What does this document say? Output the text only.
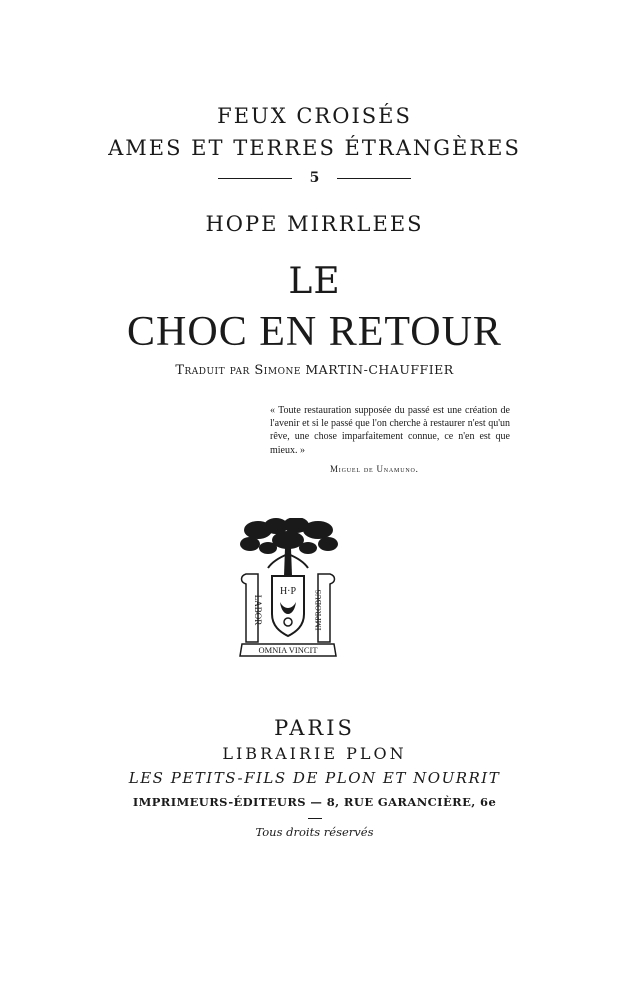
FEUX CROISÉS
AMES ET TERRES ÉTRANGÈRES
5
HOPE MIRRLEES
LE
CHOC EN RETOUR
Traduit par Simone MARTIN-CHAUFFIER
« Toute restauration supposée du passé est une création de l'avenir et si le passé que l'on cherche à restaurer n'est qu'un rêve, une chose imparfaitement connue, ce n'en est que mieux. »
Miguel de Unamuno.
H·P
LABOR	IMPROBUS
OMNIA VINCIT
PARIS
LIBRAIRIE PLON
LES PETITS-FILS DE PLON ET NOURRIT
IMPRIMEURS-ÉDITEURS — 8, RUE GARANCIÈRE, 6e
Tous droits réservés
